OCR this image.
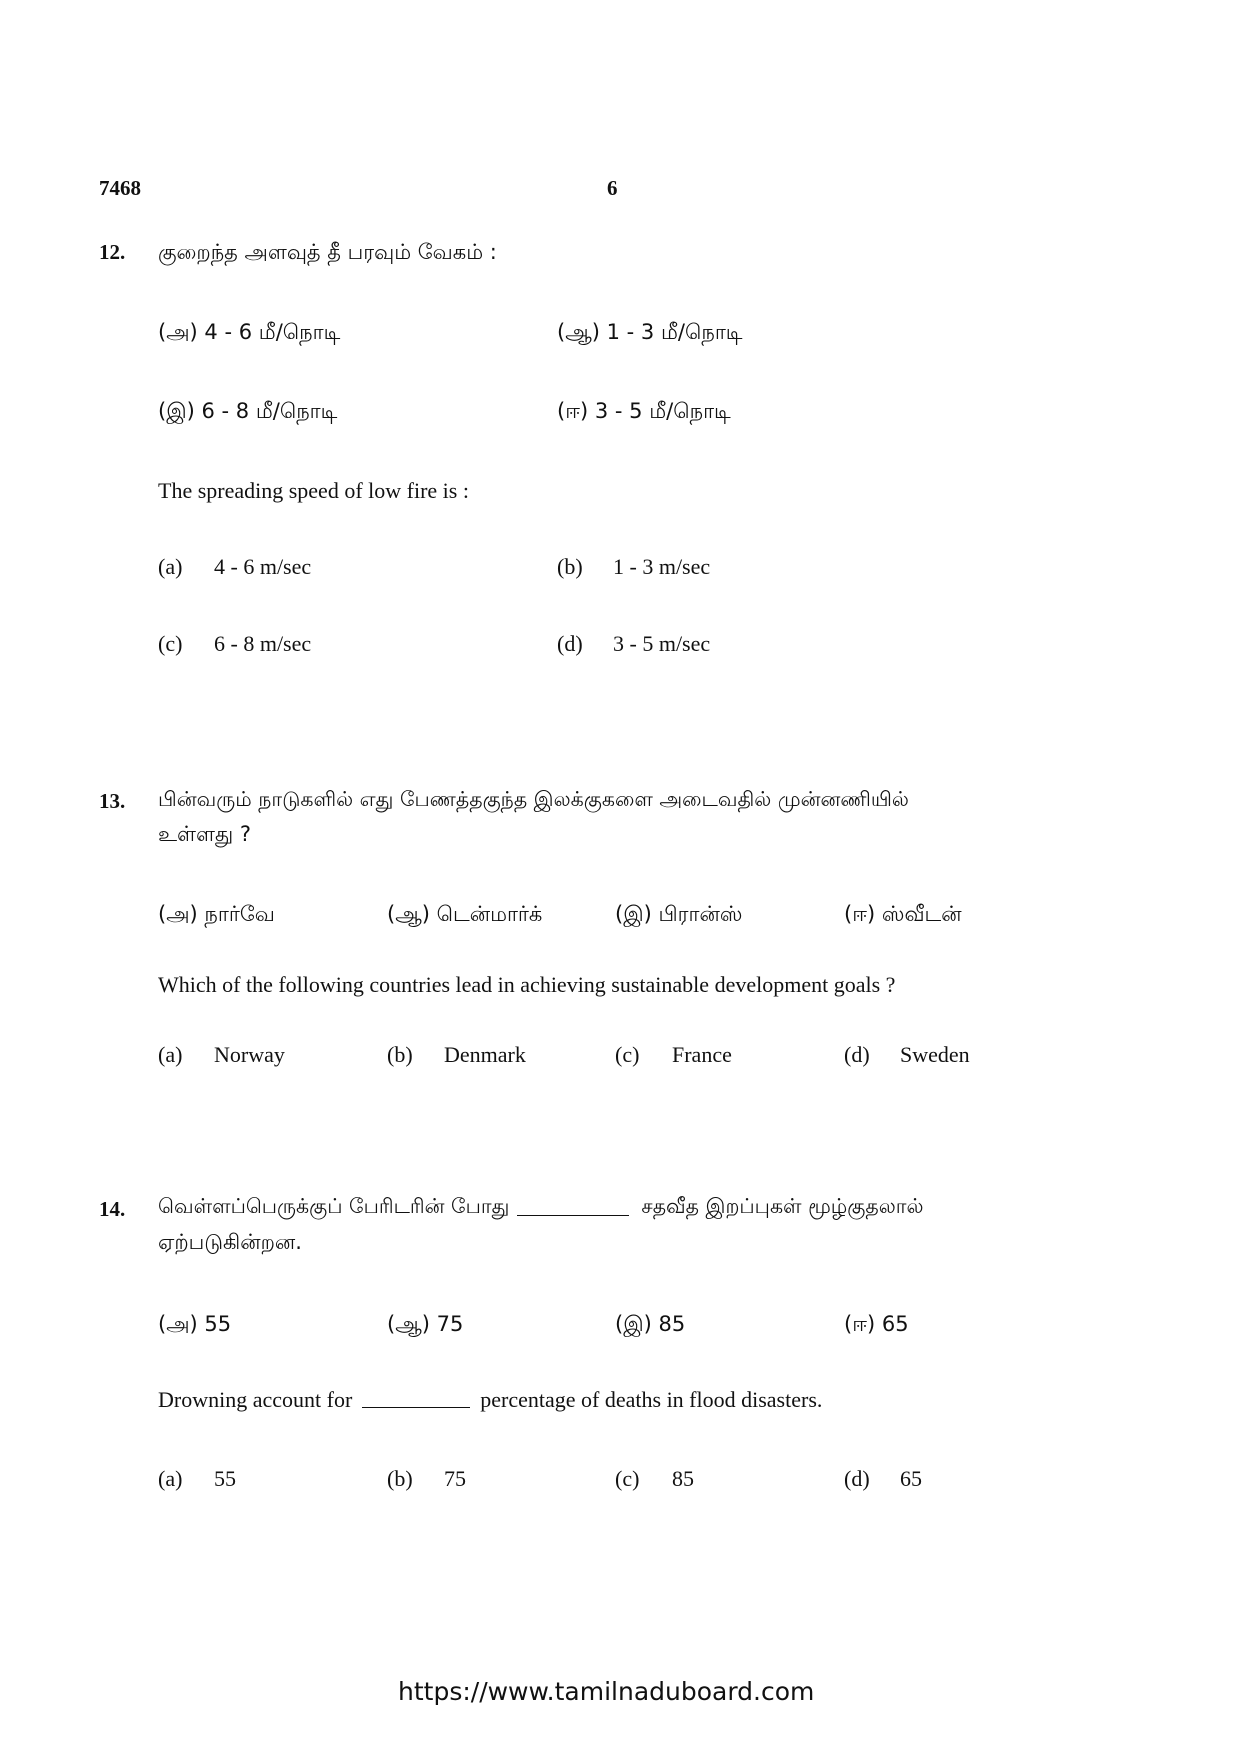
7468	6
12. குறைந்த அளவுத் தீ பரவும் வேகம் :
(அ) 4 - 6 மீ/நொடி	(ஆ) 1 - 3 மீ/நொடி
(இ) 6 - 8 மீ/நொடி	(ஈ) 3 - 5 மீ/நொடி
The spreading speed of low fire is :
(a) 4 - 6 m/sec	(b) 1 - 3 m/sec
(c) 6 - 8 m/sec	(d) 3 - 5 m/sec
13. பின்வரும் நாடுகளில் எது பேணத்தகுந்த இலக்குகளை அடைவதில் முன்னணியில்
உள்ளது ?
(அ) நார்வே	(ஆ) டென்மார்க்	(இ) பிரான்ஸ்	(ஈ) ஸ்வீடன்
Which of the following countries lead in achieving sustainable development goals ?
(a) Norway	(b) Denmark	(c) France	(d) Sweden
14. வெள்ளப்பெருக்குப் பேரிடரின் போது	சதவீத இறப்புகள் மூழ்குதலால்
ஏற்படுகின்றன.
(அ) 55	(ஆ) 75	(இ) 85	(ஈ) 65
Drowning account for	percentage of deaths in flood disasters.
(a) 55	(b) 75	(c) 85	(d) 65
https://www.tamilnaduboard.com
